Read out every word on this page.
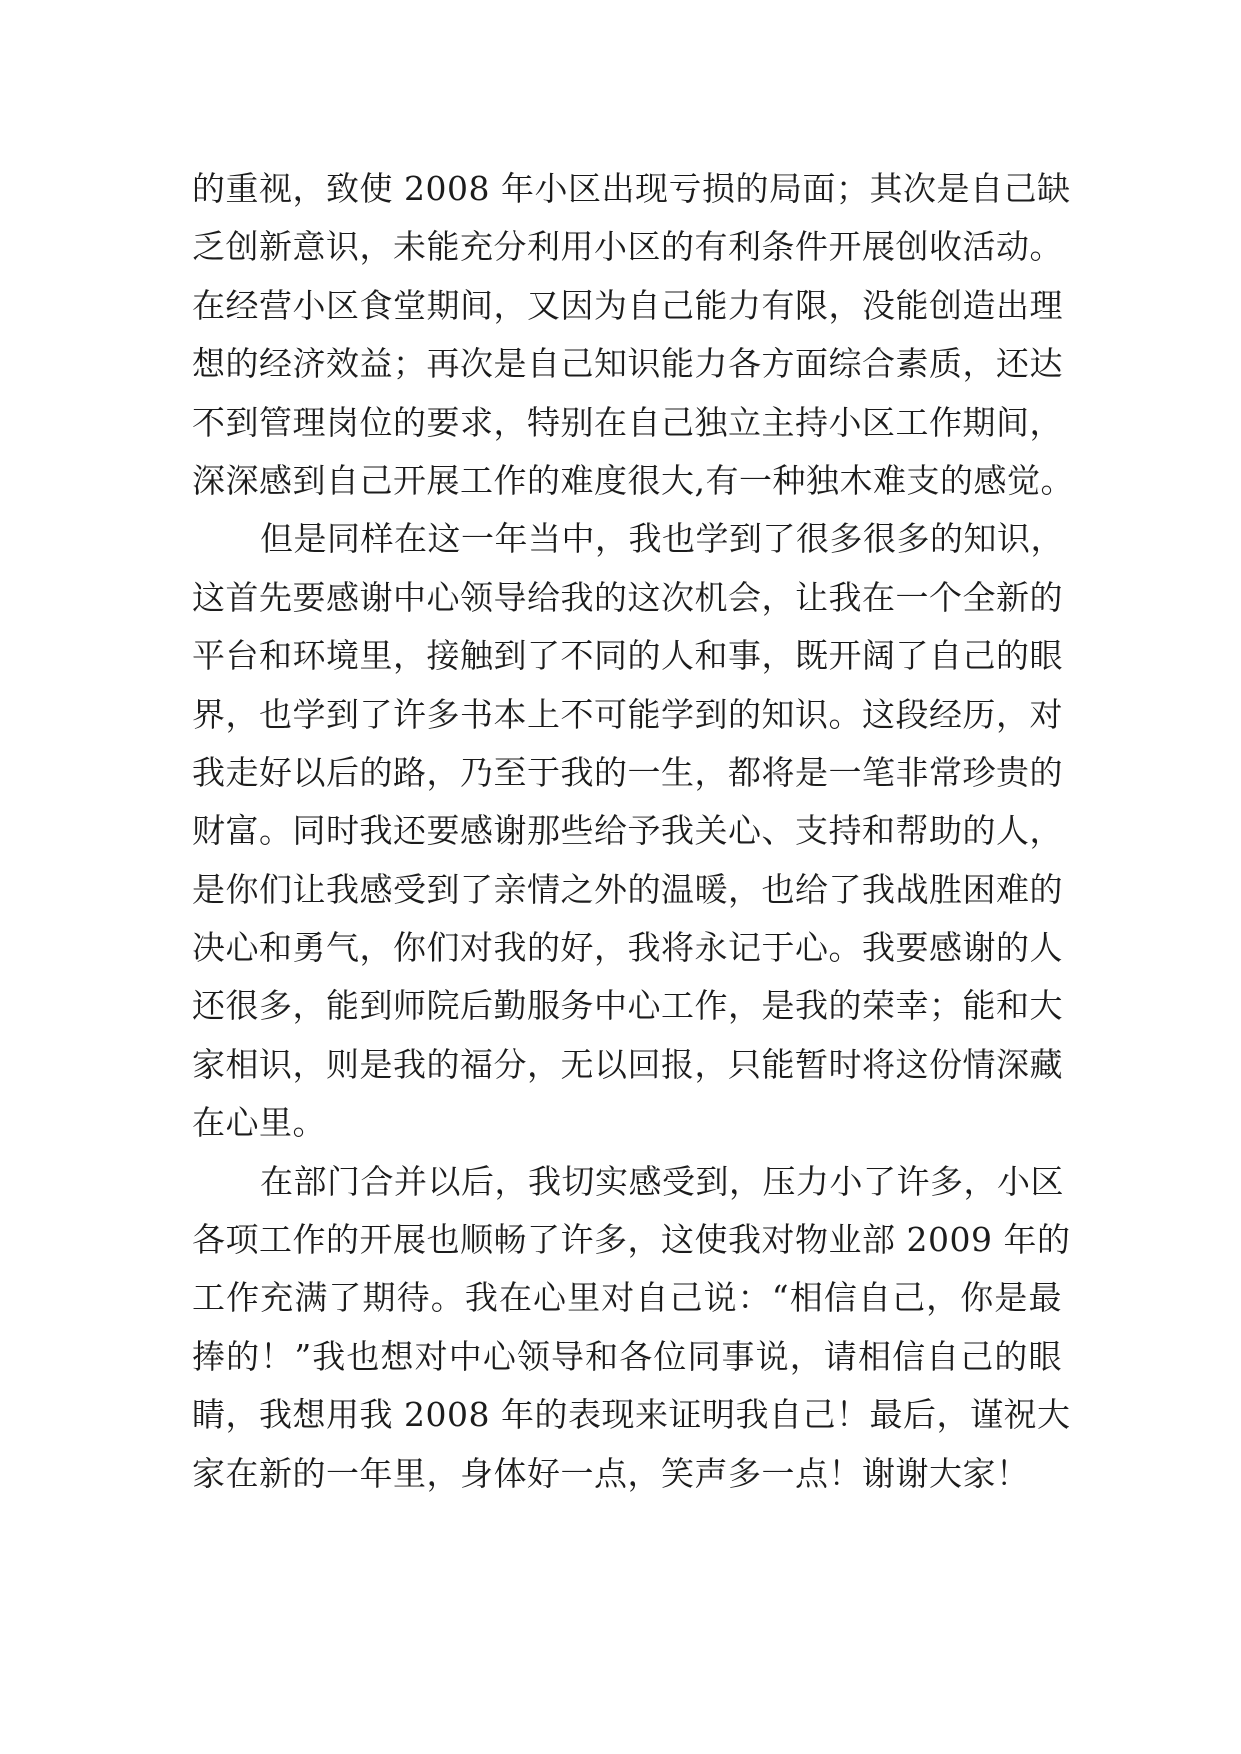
的重视，致使 2008 年小区出现亏损的局面；其次是自己缺
乏创新意识，未能充分利用小区的有利条件开展创收活动。
在经营小区食堂期间，又因为自己能力有限，没能创造出理
想的经济效益；再次是自己知识能力各方面综合素质，还达
不到管理岗位的要求，特别在自己独立主持小区工作期间，
深深感到自己开展工作的难度很大,有一种独木难支的感觉。
但是同样在这一年当中，我也学到了很多很多的知识，
这首先要感谢中心领导给我的这次机会，让我在一个全新的
平台和环境里，接触到了不同的人和事，既开阔了自己的眼
界，也学到了许多书本上不可能学到的知识。这段经历，对
我走好以后的路，乃至于我的一生，都将是一笔非常珍贵的
财富。同时我还要感谢那些给予我关心、支持和帮助的人，
是你们让我感受到了亲情之外的温暖，也给了我战胜困难的
决心和勇气，你们对我的好，我将永记于心。我要感谢的人
还很多，能到师院后勤服务中心工作，是我的荣幸；能和大
家相识，则是我的福分，无以回报，只能暂时将这份情深藏
在心里。
在部门合并以后，我切实感受到，压力小了许多，小区
各项工作的开展也顺畅了许多，这使我对物业部 2009 年的
工作充满了期待。我在心里对自己说：“相信自己，你是最
捧的！”我也想对中心领导和各位同事说，请相信自己的眼
睛，我想用我 2008 年的表现来证明我自己！最后，谨祝大
家在新的一年里，身体好一点，笑声多一点！谢谢大家！
